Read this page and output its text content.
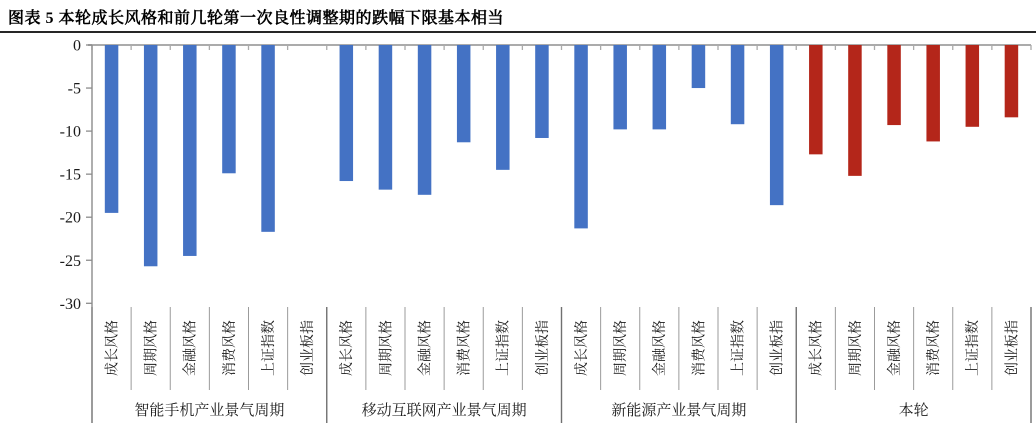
图表 5 本轮成长风格和前几轮第一次良性调整期的跌幅下限基本相当
0
-5
-10
-15
-20
-25
-30
成长风格 周期风格 金融风格 消费风格 上证指数 创业板指 成长风格 周期风格 金融风格 消费风格 上证指数 创业板指 成长风格 周期风格 金融风格 消费风格 上证指数 创业板指 成长风格 周期风格 金融风格 消费风格 上证指数 创业板指
智能手机产业景气周期	移动互联网产业景气周期	新能源产业景气周期	本轮
